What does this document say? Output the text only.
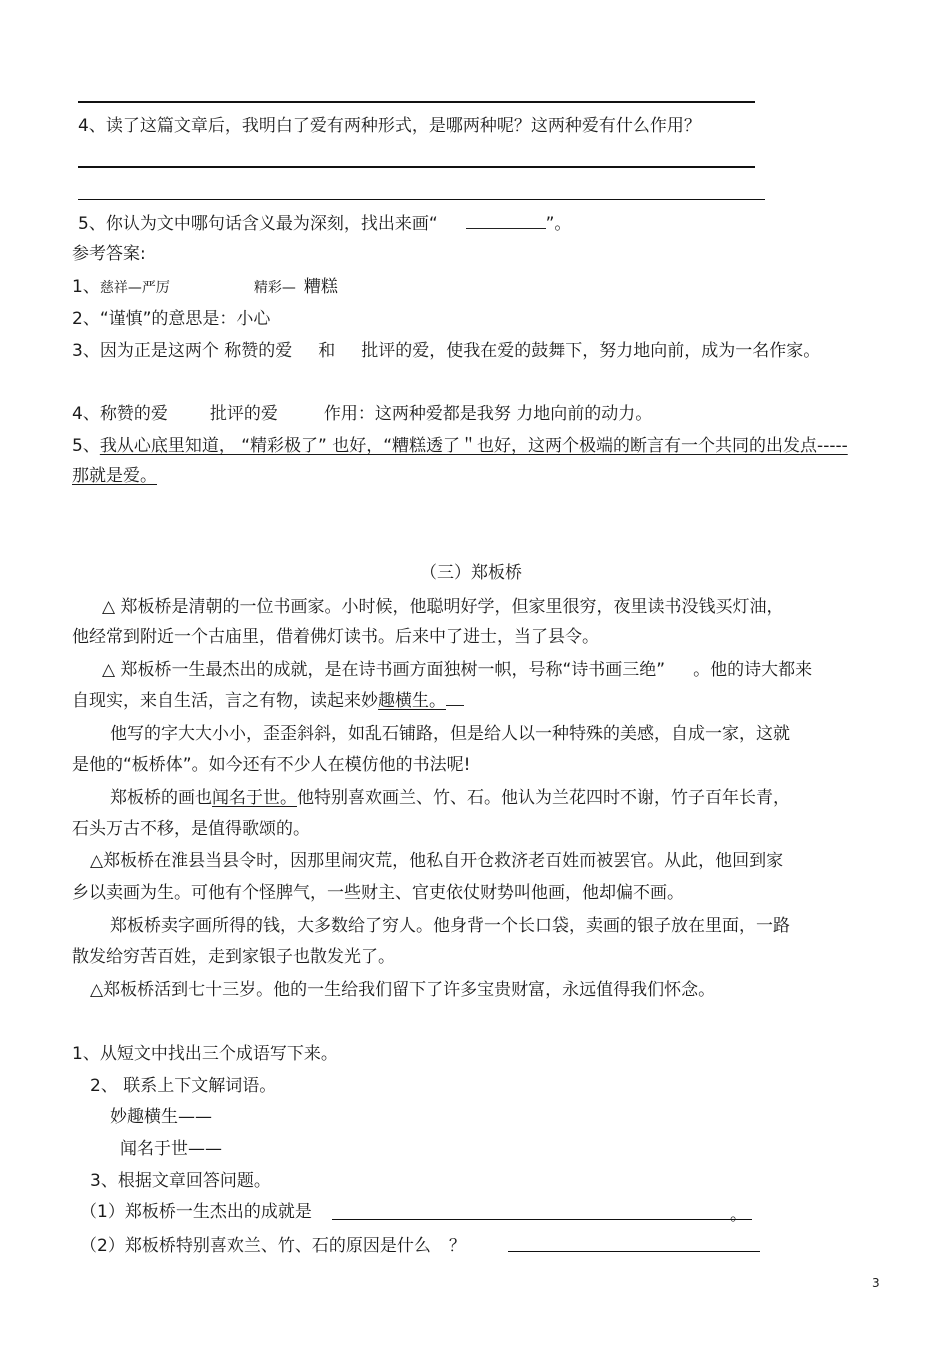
4、读了这篇文章后，我明白了爱有两种形式，是哪两种呢？这两种爱有什么作用？
5、你认为文中哪句话含义最为深刻，找出来画“	”。
参考答案:
1、慈祥—严厉	精彩— 糟糕
2、“谨慎”的意思是：小心
3、因为正是这两个 称赞的爱 和 批评的爱，使我在爱的鼓舞下，努力地向前，成为一名作家。
4、称赞的爱 批评的爱	作用：这两种爱都是我努 力地向前的动力。
5、我从心底里知道， “精彩极了” 也好，“糟糕透了＂也好，这两个极端的断言有一个共同的出发点-----
那就是爱。
（三）郑板桥
△ 郑板桥是清朝的一位书画家。小时候，他聪明好学，但家里很穷，夜里读书没钱买灯油，
他经常到附近一个古庙里，借着佛灯读书。后来中了进士，当了县令。
△ 郑板桥一生最杰出的成就，是在诗书画方面独树一帜，号称“诗书画三绝” 。他的诗大都来
自现实，来自生活，言之有物，读起来妙趣横生。
他写的字大大小小，歪歪斜斜，如乱石铺路，但是给人以一种特殊的美感，自成一家，这就
是他的“板桥体”。如今还有不少人在模仿他的书法呢!
郑板桥的画也闻名于世。他特别喜欢画兰、竹、石。他认为兰花四时不谢，竹子百年长青，
石头万古不移，是值得歌颂的。
△郑板桥在淮县当县令时，因那里闹灾荒，他私自开仓救济老百姓而被罢官。从此，他回到家
乡以卖画为生。可他有个怪脾气，一些财主、官吏依仗财势叫他画，他却偏不画。
郑板桥卖字画所得的钱，大多数给了穷人。他身背一个长口袋，卖画的银子放在里面，一路
散发给穷苦百姓，走到家银子也散发光了。
△郑板桥活到七十三岁。他的一生给我们留下了许多宝贵财富，永远值得我们怀念。
1、从短文中找出三个成语写下来。
2、 联系上下文解词语。
妙趣横生——
闻名于世——
3、根据文章回答问题。
（1）郑板桥一生杰出的成就是	。
（2）郑板桥特别喜欢兰、竹、石的原因是什么 ？
3
